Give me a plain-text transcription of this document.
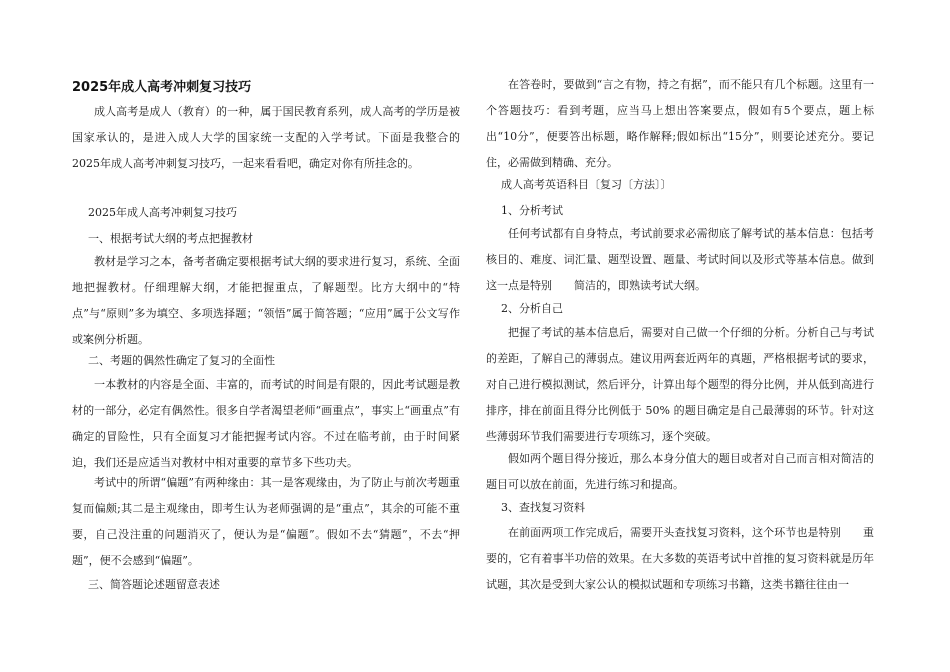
2025年成人高考冲刺复习技巧

成人高考是成人（教育）的一种，属于国民教育系列，成人高考的学历是被国家承认的，是进入成人大学的国家统一支配的入学考试。下面是我整合的2025年成人高考冲刺复习技巧，一起来看看吧，确定对你有所挂念的。

2025年成人高考冲刺复习技巧

一、根据考试大纲的考点把握教材

教材是学习之本，备考者确定要根据考试大纲的要求进行复习，系统、全面地把握教材。仔细理解大纲，才能把握重点，了解题型。比方大纲中的“特点”与“原则”多为填空、多项选择题；“领悟”属于简答题；“应用”属于公文写作或案例分析题。

二、考题的偶然性确定了复习的全面性

一本教材的内容是全面、丰富的，而考试的时间是有限的，因此考试题是教材的一部分，必定有偶然性。很多自学者渴望老师“画重点”，事实上“画重点”有确定的冒险性，只有全面复习才能把握考试内容。不过在临考前，由于时间紧迫，我们还是应适当对教材中相对重要的章节多下些功夫。

考试中的所谓“偏题”有两种缘由：其一是客观缘由，为了防止与前次考题重复而偏颇;其二是主观缘由，即考生认为老师强调的是“重点”，其余的可能不重要，自己没注重的问题消灭了，便认为是“偏题”。假如不去“猜题”，不去“押题”，便不会感到“偏题”。

三、简答题论述题留意表述

在答卷时，要做到“言之有物，持之有据”，而不能只有几个标题。这里有一个答题技巧：看到考题，应当马上想出答案要点，假如有5个要点，题上标出“10分”，便要答出标题，略作解释;假如标出“15分”，则要论述充分。要记住，必需做到精确、充分。

成人高考英语科目〔复习〔方法〕〕

1、分析考试

任何考试都有自身特点，考试前要求必需彻底了解考试的基本信息：包括考核目的、难度、词汇量、题型设置、题量、考试时间以及形式等基本信息。做到这一点是特别　　简洁的，即熟读考试大纲。

2、分析自己

把握了考试的基本信息后，需要对自己做一个仔细的分析。分析自己与考试的差距，了解自己的薄弱点。建议用两套近两年的真题，严格根据考试的要求，对自己进行模拟测试，然后评分，计算出每个题型的得分比例，并从低到高进行排序，排在前面且得分比例低于 50% 的题目确定是自己最薄弱的环节。针对这些薄弱环节我们需要进行专项练习，逐个突破。

假如两个题目得分接近，那么本身分值大的题目或者对自己而言相对简洁的题目可以放在前面，先进行练习和提高。

3、查找复习资料

在前面两项工作完成后，需要开头查找复习资料，这个环节也是特别　　重要的，它有着事半功倍的效果。在大多数的英语考试中首推的复习资料就是历年试题，其次是受到大家公认的模拟试题和专项练习书籍，这类书籍往往由一
